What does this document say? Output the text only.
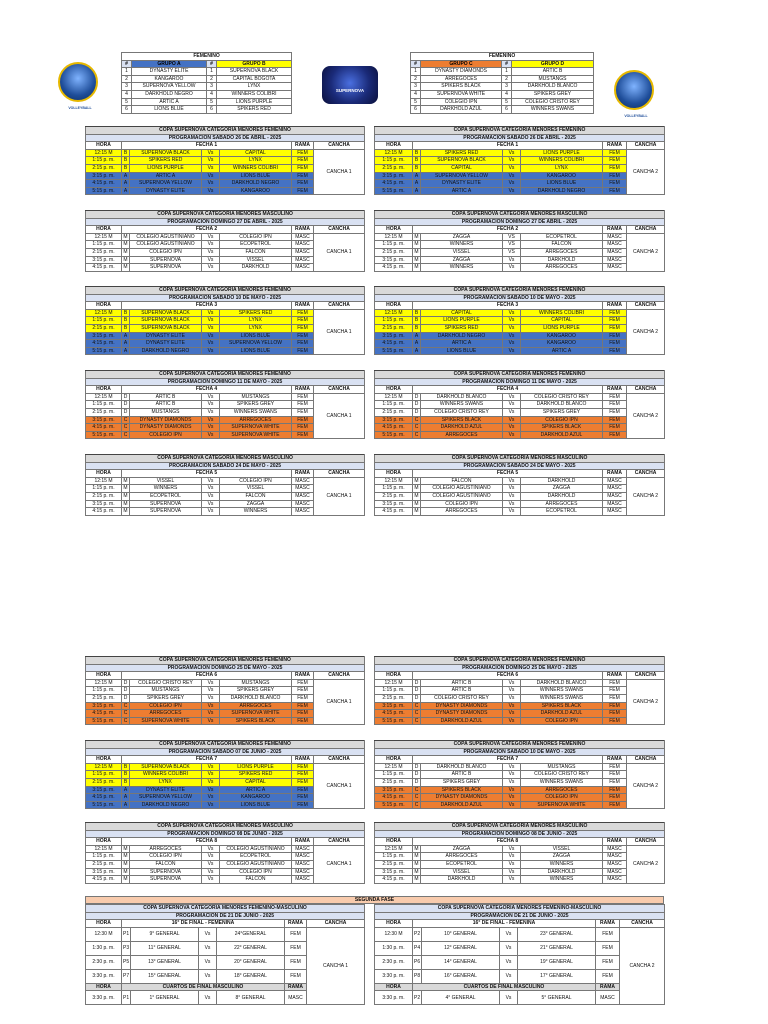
VOLLEYBALL
SUPERNOVA
VOLLEYBALL
FEMENINO			
#	GRUPO A	#	GRUPO B
1	DYNASTY ELITE	1	SUPERNOVA BLACK
2	KANGAROO	2	CAPITAL BOGOTA
3	SUPERNOVA YELLOW	3	LYNX
4	DARKHOLD NEGRO	4	WINNERS COLIBRI
5	ARTIC A	5	LIONS PURPLE
6	LIONS BLUE	6	SPIKERS RED
FEMENINO			
#	GRUPO C	#	GRUPO D
1	DYNASTY DIAMONDS	1	ARTIC B
2	ARREGOCES	2	MUSTANGS
3	SPIKERS BLACK	3	DARKHOLD BLANCO
4	SUPERNOVA WHITE	4	SPIKERS GREY
5	COLEGIO IPN	5	COLEGIO CRISTO REY
6	DARKHOLD AZUL	6	WINNERS SWANS
COPA SUPERNOVA CATEGORIA MENORES FEMENINO						
PROGRAMACIÓN SÁBADO 26 DE ABRIL - 2025						
HORA	FECHA 1				RAMA	CANCHA
12:15 M	B	SUPERNOVA BLACK	Vs	CAPITAL	FEM	CANCHA 1
1:15 p. m.	B	SPIKERS RED	Vs	LYNX	FEM	
2:15 p. m.	B	LIONS PURPLE	Vs	WINNERS COLIBRI	FEM	
3:15 p. m.	A	ARTIC A	Vs	LIONS BLUE	FEM	
4:15 p. m.	A	SUPERNOVA YELLOW	Vs	DARKHOLD NEGRO	FEM	
5:15 p. m.	A	DYNASTY ELITE	Vs	KANGAROO	FEM	
COPA SUPERNOVA CATEGORIA MENORES FEMENINO						
PROGRAMACIÓN SÁBADO 26 DE ABRIL - 2025						
HORA	FECHA 1				RAMA	CANCHA
12:15 M	B	SPIKERS RED	Vs	LIONS PURPLE	FEM	CANCHA 2
1:15 p. m.	B	SUPERNOVA BLACK	Vs	WINNERS COLIBRI	FEM	
2:15 p. m.	B	CAPITAL	Vs	LYNX	FEM	
3:15 p. m.	A	SUPERNOVA YELLOW	Vs	KANGAROO	FEM	
4:15 p. m.	A	DYNASTY ELITE	Vs	LIONS BLUE	FEM	
5:15 p. m.	A	ARTIC A	Vs	DARKHOLD NEGRO	FEM	
COPA SUPERNOVA CATEGORIA MENORES MASCULINO						
PROGRAMACIÓN DOMINGO 27 DE ABRIL - 2025						
HORA	FECHA 2				RAMA	CANCHA
12:15 M	M	COLEGIO AGUSTINIANO	Vs	COLEGIO IPN	MASC	CANCHA 1
1:15 p. m.	M	COLEGIO AGUSTINIANO	Vs	ECOPETROL	MASC	
2:15 p. m.	M	COLEGIO IPN	Vs	FALCON	MASC	
3:15 p. m.	M	SUPERNOVA	Vs	VISSEL	MASC	
4:15 p. m.	M	SUPERNOVA	Vs	DARKHOLD	MASC	
COPA SUPERNOVA CATEGORIA MENORES MASCULINO						
PROGRAMACIÓN DOMINGO 27 DE ABRIL - 2025						
HORA	FECHA 2				RAMA	CANCHA
12:15 M	M	ZAGGA	VS	ECOPETROL	MASC	CANCHA 2
1:15 p. m.	M	WINNERS	VS	FALCON	MASC	
2:15 p. m.	M	VISSEL	VS	ARREGOCES	MASC	
3:15 p. m.	M	ZAGGA	Vs	DARKHOLD	MASC	
4:15 p. m.	M	WINNERS	Vs	ARREGOCES	MASC	
COPA SUPERNOVA CATEGORIA MENORES FEMENINO						
PROGRAMACIÓN SÁBADO 10 DE MAYO - 2025						
HORA	FECHA 3				RAMA	CANCHA
12:15 M	B	SUPERNOVA BLACK	Vs	SPIKERS RED	FEM	CANCHA 1
1:15 p. m.	B	SUPERNOVA BLACK	Vs	LYNX	FEM	
2:15 p. m.	B	SUPERNOVA BLACK	Vs	LYNX	FEM	
3:15 p. m.	A	DYNASTY ELITE	Vs	LIONS BLUE	FEM	
4:15 p. m.	A	DYNASTY ELITE	Vs	SUPERNOVA YELLOW	FEM	
5:15 p. m.	A	DARKHOLD NEGRO	Vs	LIONS BLUE	FEM	
COPA SUPERNOVA CATEGORIA MENORES FEMENINO						
PROGRAMACIÓN SÁBADO 10 DE MAYO - 2025						
HORA	FECHA 3				RAMA	CANCHA
12:15 M	B	CAPITAL	Vs	WINNERS COLIBRI	FEM	CANCHA 2
1:15 p. m.	B	LIONS PURPLE	Vs	CAPITAL	FEM	
2:15 p. m.	B	SPIKERS RED	Vs	LIONS PURPLE	FEM	
3:15 p. m.	A	DARKHOLD NEGRO	Vs	KANGAROO	FEM	
4:15 p. m.	A	ARTIC A	Vs	KANGAROO	FEM	
5:15 p. m.	A	LIONS BLUE	Vs	ARTIC A	FEM	
COPA SUPERNOVA CATEGORIA MENORES FEMENINO						
PROGRAMACIÓN DOMINGO 11 DE MAYO - 2025						
HORA	FECHA 4				RAMA	CANCHA
12:15 M	D	ARTIC B	Vs	MUSTANGS	FEM	CANCHA 1
1:15 p. m.	D	ARTIC B	Vs	SPIKERS GREY	FEM	
2:15 p. m.	D	MUSTANGS	Vs	WINNERS SWANS	FEM	
3:15 p. m.	C	DYNASTY DIAMONDS	Vs	ARREGOCES	FEM	
4:15 p. m.	C	DYNASTY DIAMONDS	Vs	SUPERNOVA WHITE	FEM	
5:15 p. m.	C	COLEGIO IPN	Vs	SUPERNOVA WHITE	FEM	
COPA SUPERNOVA CATEGORIA MENORES FEMENINO						
PROGRAMACIÓN DOMINGO 11 DE MAYO - 2025						
HORA	FECHA 4				RAMA	CANCHA
12:15 M	D	DARKHOLD BLANCO	Vs	COLEGIO CRISTO REY	FEM	CANCHA 2
1:15 p. m.	D	WINNERS SWANS	Vs	DARKHOLD BLANCO	FEM	
2:15 p. m.	D	COLEGIO CRISTO REY	Vs	SPIKERS GREY	FEM	
3:15 p. m.	C	SPIKERS BLACK	Vs	COLEGIO IPN	FEM	
4:15 p. m.	C	DARKHOLD AZUL	Vs	SPIKERS BLACK	FEM	
5:15 p. m.	C	ARREGOCES	Vs	DARKHOLD AZUL	FEM	
COPA SUPERNOVA CATEGORIA MENORES MASCULINO						
PROGRAMACIÓN SÁBADO 24 DE MAYO - 2025						
HORA	FECHA 5				RAMA	CANCHA
12:15 M	M	VISSEL	Vs	COLEGIO IPN	MASC	CANCHA 1
1:15 p. m.	M	WINNERS	Vs	VISSEL	MASC	
2:15 p. m.	M	ECOPETROL	Vs	FALCON	MASC	
3:15 p. m.	M	SUPERNOVA	Vs	ZAGGA	MASC	
4:15 p. m.	M	SUPERNOVA	Vs	WINNERS	MASC	
COPA SUPERNOVA CATEGORIA MENORES MASCULINO						
PROGRAMACIÓN SÁBADO 24 DE MAYO - 2025						
HORA	FECHA 5				RAMA	CANCHA
12:15 M	M	FALCON	Vs	DARKHOLD	MASC	CANCHA 2
1:15 p. m.	M	COLEGIO AGUSTINIANO	Vs	ZAGGA	MASC	
2:15 p. m.	M	COLEGIO AGUSTINIANO	Vs	DARKHOLD	MASC	
3:15 p. m.	M	COLEGIO IPN	Vs	ARREGOCES	MASC	
4:15 p. m.	M	ARREGOCES	Vs	ECOPETROL	MASC	
COPA SUPERNOVA CATEGORIA MENORES FEMENINO						
PROGRAMACIÓN DOMINGO 25 DE MAYO - 2025						
HORA	FECHA 6				RAMA	CANCHA
12:15 M	D	COLEGIO CRISTO REY	Vs	MUSTANGS	FEM	CANCHA 1
1:15 p. m.	D	MUSTANGS	Vs	SPIKERS GREY	FEM	
2:15 p. m.	D	SPIKERS GREY	Vs	DARKHOLD BLANCO	FEM	
3:15 p. m.	C	COLEGIO IPN	Vs	ARREGOCES	FEM	
4:15 p. m.	C	ARREGOCES	Vs	SUPERNOVA WHITE	FEM	
5:15 p. m.	C	SUPERNOVA WHITE	Vs	SPIKERS BLACK	FEM	
COPA SUPERNOVA CATEGORIA MENORES FEMENINO						
PROGRAMACIÓN DOMINGO 25 DE MAYO - 2025						
HORA	FECHA 6				RAMA	CANCHA
12:15 M	D	ARTIC B	Vs	DARKHOLD BLANCO	FEM	CANCHA 2
1:15 p. m.	D	ARTIC B	Vs	WINNERS SWANS	FEM	
2:15 p. m.	D	COLEGIO CRISTO REY	Vs	WINNERS SWANS	FEM	
3:15 p. m.	C	DYNASTY DIAMONDS	Vs	SPIKERS BLACK	FEM	
4:15 p. m.	C	DYNASTY DIAMONDS	Vs	DARKHOLD AZUL	FEM	
5:15 p. m.	C	DARKHOLD AZUL	Vs	COLEGIO IPN	FEM	
COPA SUPERNOVA CATEGORIA MENORES FEMENINO						
PROGRAMACIÓN SÁBADO 07 DE JUNIO - 2025						
HORA	FECHA 7				RAMA	CANCHA
12:15 M	B	SUPERNOVA BLACK	Vs	LIONS PURPLE	FEM	CANCHA 1
1:15 p. m.	B	WINNERS COLIBRI	Vs	SPIKERS RED	FEM	
2:15 p. m.	B	LYNX	Vs	CAPITAL	FEM	
3:15 p. m.	A	DYNASTY ELITE	Vs	ARTIC A	FEM	
4:15 p. m.	A	SUPERNOVA YELLOW	Vs	KANGAROO	FEM	
5:15 p. m.	A	DARKHOLD NEGRO	Vs	LIONS BLUE	FEM	
COPA SUPERNOVA CATEGORIA MENORES FEMENINO						
PROGRAMACIÓN SÁBADO 10 DE MAYO - 2025						
HORA	FECHA 7				RAMA	CANCHA
12:15 M	D	DARKHOLD BLANCO	Vs	MUSTANGS	FEM	CANCHA 2
1:15 p. m.	D	ARTIC B	Vs	COLEGIO CRISTO REY	FEM	
2:15 p. m.	D	SPIKERS GREY	Vs	WINNERS SWANS	FEM	
3:15 p. m.	C	SPIKERS BLACK	Vs	ARREGOCES	FEM	
4:15 p. m.	C	DYNASTY DIAMONDS	Vs	COLEGIO IPN	FEM	
5:15 p. m.	C	DARKHOLD AZUL	Vs	SUPERNOVA WHITE	FEM	
COPA SUPERNOVA CATEGORIA MENORES MASCULINO						
PROGRAMACIÓN DOMINGO 08 DE JUNIO - 2025						
HORA	FECHA 8				RAMA	CANCHA
12:15 M	M	ARREGOCES	Vs	COLEGIO AGUSTINIANO	MASC	CANCHA 1
1:15 p. m.	M	COLEGIO IPN	Vs	ECOPETROL	MASC	
2:15 p. m.	M	FALCON	Vs	COLEGIO AGUSTINIANO	MASC	
3:15 p. m.	M	SUPERNOVA	Vs	COLEGIO IPN	MASC	
4:15 p. m.	M	SUPERNOVA	Vs	FALCON	MASC	
COPA SUPERNOVA CATEGORIA MENORES MASCULINO						
PROGRAMACIÓN DOMINGO 08 DE JUNIO - 2025						
HORA	FECHA 8				RAMA	CANCHA
12:15 M	M	ZAGGA	Vs	VISSEL	MASC	CANCHA 2
1:15 p. m.	M	ARREGOCES	Vs	ZAGGA	MASC	
2:15 p. m.	M	ECOPETROL	Vs	WINNERS	MASC	
3:15 p. m.	M	VISSEL	Vs	DARKHOLD	MASC	
4:15 p. m.	M	DARKHOLD	Vs	WINNERS	MASC	
SEGUNDA FASE
COPA SUPERNOVA CATEGORIA MENORES FEMENINO-MASCULINO						
PROGRAMACIÓN DE 21 DE JUNIO - 2025						
HORA	16° DE FINAL - FEMENINA				RAMA	CANCHA
12:30 M	P1	9° GENERAL	Vs	24°GENERAL	FEM	CANCHA 1
1:30 p. m.	P3	11° GENERAL	Vs	22° GENERAL	FEM	
2:30 p. m.	P5	13° GENERAL	Vs	20° GENERAL	FEM	
3:30 p. m.	P7	15° GENERAL	Vs	18° GENERAL	FEM	
HORA	CUARTOS DE FINAL MASCULINO				RAMA	
3:30 p. m.	P1	1° GENERAL	Vs	8° GENERAL	MASC	
COPA SUPERNOVA CATEGORIA MENORES FEMENINO-MASCULINO						
PROGRAMACIÓN DE 21 DE JUNIO - 2025						
HORA	16° DE FINAL - FEMENINA				RAMA	CANCHA
12:30 M	P2	10° GENERAL	Vs	23° GENERAL	FEM	CANCHA 2
1:30 p. m.	P4	12° GENERAL	Vs	21° GENERAL	FEM	
2:30 p. m.	P6	14° GENERAL	Vs	19° GENERAL	FEM	
3:30 p. m.	P8	16° GENERAL	Vs	17° GENERAL	FEM	
HORA	CUARTOS DE FINAL MASCULINO				RAMA	
3:30 p. m.	P2	4° GENERAL	Vs	5° GENERAL	MASC	
